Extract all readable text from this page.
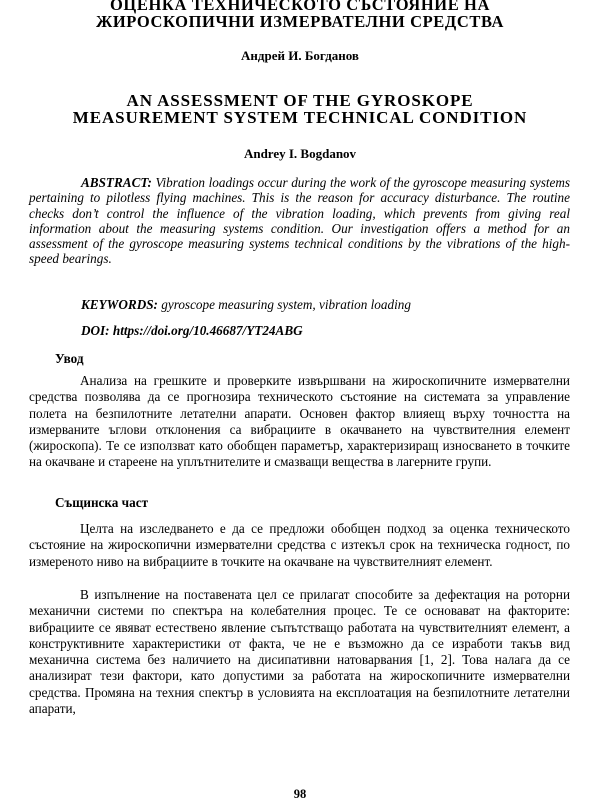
ОЦЕНКА ТЕХНИЧЕСКОТО СЪСТОЯНИЕ НА
ЖИРОСКОПИЧНИ ИЗМЕРВАТЕЛНИ СРЕДСТВА
Андрей И. Богданов
AN ASSESSMENT OF THE GYROSKOPE
MEASUREMENT SYSTEM TECHNICAL CONDITION
Andrey I. Bogdanov
ABSTRACT: Vibration loadings occur during the work of the gyroscope measuring systems pertaining to pilotless flying machines. This is the reason for accuracy disturbance. The routine checks don’t control the influence of the vibration loading, which prevents from giving real information about the measuring systems condition. Our investigation offers a method for an assessment of the gyroscope measuring systems technical conditions by the vibrations of the high-speed bearings.
KEYWORDS: gyroscope measuring system, vibration loading
DOI: https://doi.org/10.46687/YT24ABG
Увод
Анализа на грешките и проверките извършвани на жироскопичните измервателни средства позволява да се прогнозира техническото състояние на системата за управление полета на безпилотните летателни апарати. Основен фактор влияещ върху точността на измерваните ъглови отклонения са вибрациите в окачването на чувствителния елемент (жироскопа). Те се използват като обобщен параметър, характеризиращ износването в точките на окачване и стареене на уплътнителите и смазващи вещества в лагерните групи.
Същинска част
Целта на изследването е да се предложи обобщен подход за оценка техническото състояние на жироскопични измервателни средства с изтекъл срок на техническа годност, по измереното ниво на вибрациите в точките на окачване на чувствителният елемент.
В изпълнение на поставената цел се прилагат способите за дефектация на роторни механични системи по спектъра на колебателния процес. Те се основават на факторите: вибрациите се явяват естествено явление съпътстващо работата на чувствителният елемент, а конструктивните характеристики от факта, че не е възможно да се изработи такъв вид механична система без наличието на дисипативни натоварвания [1, 2]. Това налага да се анализират тези фактори, като допустими за работата на жироскопичните измервателни средства. Промяна на техния спектър в условията на експлоатация на безпилотните летателни апарати,
98
